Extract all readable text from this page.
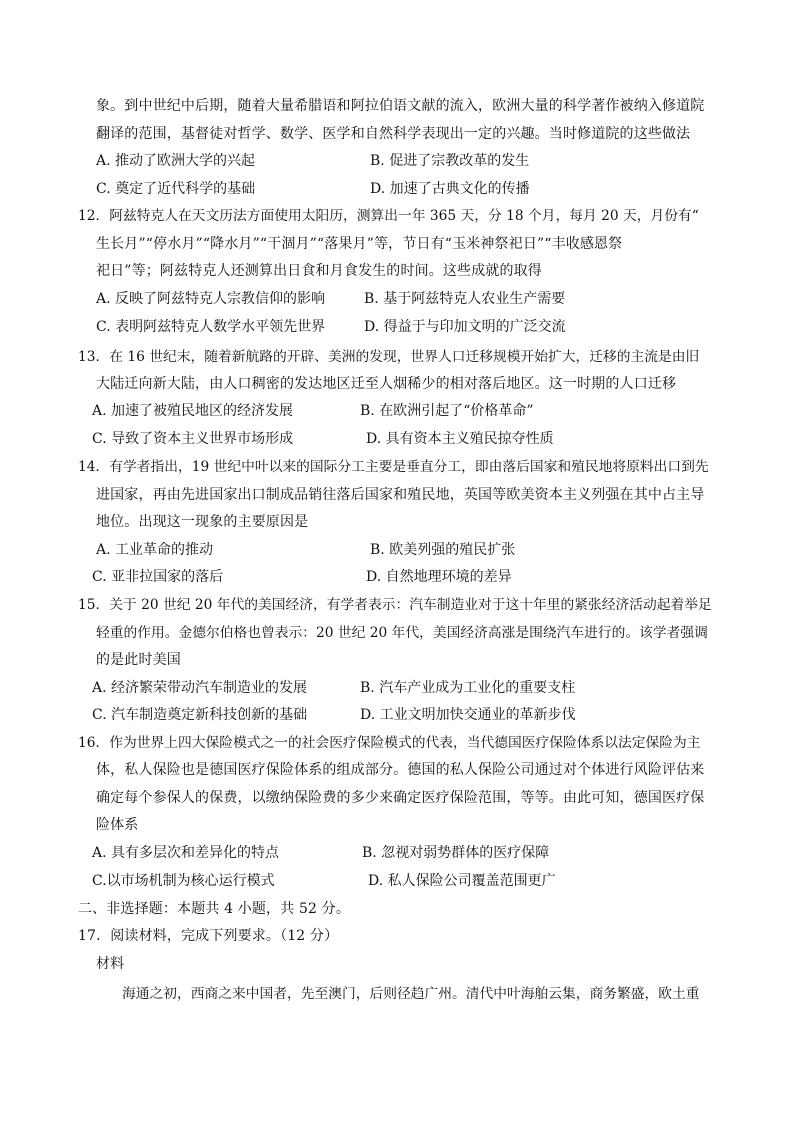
象。到中世纪中后期，随着大量希腊语和阿拉伯语文献的流入，欧洲大量的科学著作被纳入修道院
翻译的范围，基督徒对哲学、数学、医学和自然科学表现出一定的兴趣。当时修道院的这些做法
A. 推动了欧洲大学的兴起	B. 促进了宗教改革的发生
C. 奠定了近代科学的基础	D. 加速了古典文化的传播
12．阿兹特克人在天文历法方面使用太阳历，测算出一年 365 天，分 18 个月，每月 20 天，月份有“
生长月”“停水月”“降水月”“干涸月”“落果月”等，节日有“玉米神祭祀日”“丰收感恩祭
祀日”等；阿兹特克人还测算出日食和月食发生的时间。这些成就的取得
A. 反映了阿兹特克人宗教信仰的影响	B. 基于阿兹特克人农业生产需要
C. 表明阿兹特克人数学水平领先世界	D. 得益于与印加文明的广泛交流
13．在 16 世纪末，随着新航路的开辟、美洲的发现，世界人口迁移规模开始扩大，迁移的主流是由旧
大陆迁向新大陆，由人口稠密的发达地区迁至人烟稀少的相对落后地区。这一时期的人口迁移
A. 加速了被殖民地区的经济发展	B. 在欧洲引起了“价格革命”
C. 导致了资本主义世界市场形成	D. 具有资本主义殖民掠夺性质
14．有学者指出，19 世纪中叶以来的国际分工主要是垂直分工，即由落后国家和殖民地将原料出口到先
进国家，再由先进国家出口制成品销往落后国家和殖民地，英国等欧美资本主义列强在其中占主导
地位。出现这一现象的主要原因是
A. 工业革命的推动	B. 欧美列强的殖民扩张
C. 亚非拉国家的落后	D. 自然地理环境的差异
15．关于 20 世纪 20 年代的美国经济，有学者表示：汽车制造业对于这十年里的紧张经济活动起着举足
轻重的作用。金德尔伯格也曾表示：20 世纪 20 年代，美国经济高涨是围绕汽车进行的。该学者强调
的是此时美国
A. 经济繁荣带动汽车制造业的发展	B. 汽车产业成为工业化的重要支柱
C. 汽车制造奠定新科技创新的基础	D. 工业文明加快交通业的革新步伐
16．作为世界上四大保险模式之一的社会医疗保险模式的代表，当代德国医疗保险体系以法定保险为主
体，私人保险也是德国医疗保险体系的组成部分。德国的私人保险公司通过对个体进行风险评估来
确定每个参保人的保费，以缴纳保险费的多少来确定医疗保险范围，等等。由此可知，德国医疗保
险体系
A. 具有多层次和差异化的特点	B. 忽视对弱势群体的医疗保障
C.以市场机制为核心运行模式	D. 私人保险公司覆盖范围更广
二、非选择题：本题共 4 小题，共 52 分。
17．阅读材料，完成下列要求。（12 分）
材料
海通之初，西商之来中国者，先至澳门，后则径趋广州。清代中叶海舶云集，商务繁盛，欧土重
